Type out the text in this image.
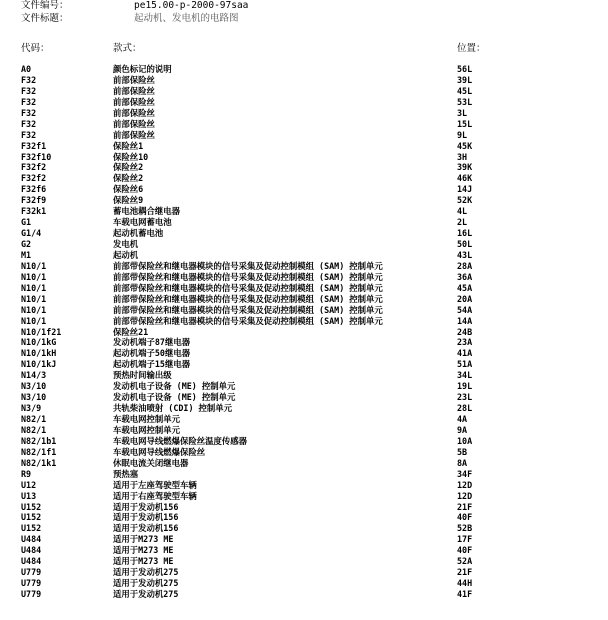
文件编号：	pe15.00-p-2000-97saa
文件标题：	起动机、发电机的电路图
代码：	款式：	位置：
A0	颜色标记的说明	56L
F32	前部保险丝	39L
F32	前部保险丝	45L
F32	前部保险丝	53L
F32	前部保险丝	3L
F32	前部保险丝	15L
F32	前部保险丝	9L
F32f1	保险丝1	45K
F32f10	保险丝10	3H
F32f2	保险丝2	39K
F32f2	保险丝2	46K
F32f6	保险丝6	14J
F32f9	保险丝9	52K
F32k1	蓄电池耦合继电器	4L
G1	车载电网蓄电池	2L
G1/4	起动机蓄电池	16L
G2	发电机	50L
M1	起动机	43L
N10/1	前部带保险丝和继电器模块的信号采集及促动控制模组 (SAM) 控制单元	28A
N10/1	前部带保险丝和继电器模块的信号采集及促动控制模组 (SAM) 控制单元	36A
N10/1	前部带保险丝和继电器模块的信号采集及促动控制模组 (SAM) 控制单元	45A
N10/1	前部带保险丝和继电器模块的信号采集及促动控制模组 (SAM) 控制单元	20A
N10/1	前部带保险丝和继电器模块的信号采集及促动控制模组 (SAM) 控制单元	54A
N10/1	前部带保险丝和继电器模块的信号采集及促动控制模组 (SAM) 控制单元	14A
N10/1f21	保险丝21	24B
N10/1kG	发动机端子87继电器	23A
N10/1kH	起动机端子50继电器	41A
N10/1kJ	起动机端子15继电器	51A
N14/3	预热时间输出级	34L
N3/10	发动机电子设备 (ME) 控制单元	19L
N3/10	发动机电子设备 (ME) 控制单元	23L
N3/9	共轨柴油喷射 (CDI) 控制单元	28L
N82/1	车载电网控制单元	4A
N82/1	车载电网控制单元	9A
N82/1b1	车载电网导线燃爆保险丝温度传感器	10A
N82/1f1	车载电网导线燃爆保险丝	5B
N82/1k1	休眠电流关闭继电器	8A
R9	预热塞	34F
U12	适用于左座驾驶型车辆	12D
U13	适用于右座驾驶型车辆	12D
U152	适用于发动机156	21F
U152	适用于发动机156	40F
U152	适用于发动机156	52B
U484	适用于M273 ME	17F
U484	适用于M273 ME	40F
U484	适用于M273 ME	52A
U779	适用于发动机275	21F
U779	适用于发动机275	44H
U779	适用于发动机275	41F
